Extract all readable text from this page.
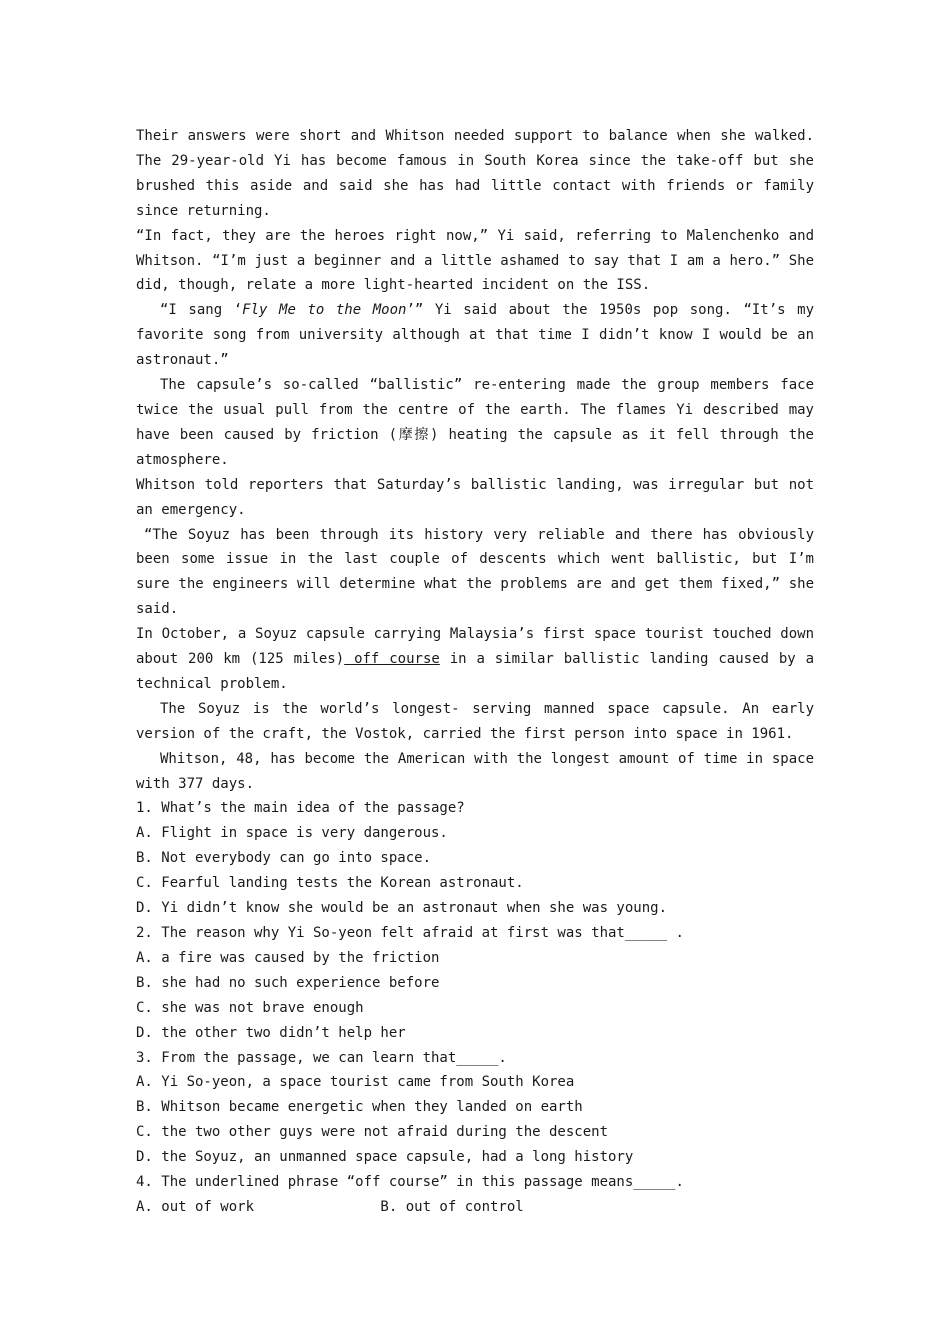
Their answers were short and Whitson needed support to balance when she walked. The 29-year-old Yi has become famous in South Korea since the take-off but she brushed this aside and said she has had little contact with friends or family since returning.

“In fact, they are the heroes right now,” Yi said, referring to Malenchenko and Whitson. “I’m just a beginner and a little ashamed to say that I am a hero.” She did, though, relate a more light-hearted incident on the ISS.

“I sang ‘Fly Me to the Moon’” Yi said about the 1950s pop song. “It’s my favorite song from university although at that time I didn’t know I would be an astronaut.”

The capsule’s so-called “ballistic” re-entering made the group members face twice the usual pull from the centre of the earth. The flames Yi described may have been caused by friction (摩擦) heating the capsule as it fell through the atmosphere.

Whitson told reporters that Saturday’s ballistic landing, was irregular but not an emergency.

“The Soyuz has been through its history very reliable and there has obviously been some issue in the last couple of descents which went ballistic, but I’m sure the engineers will determine what the problems are and get them fixed,” she said.

In October, a Soyuz capsule carrying Malaysia’s first space tourist touched down about 200 km (125 miles) off course in a similar ballistic landing caused by a technical problem.

The Soyuz is the world’s longest- serving manned space capsule. An early version of the craft, the Vostok, carried the first person into space in 1961.

Whitson, 48, has become the American with the longest amount of time in space with 377 days.

1. What’s the main idea of the passage?

A. Flight in space is very dangerous.

B. Not everybody can go into space.

C. Fearful landing tests the Korean astronaut.

D. Yi didn’t know she would be an astronaut when she was young.

2. The reason why Yi So-yeon felt afraid at first was that_____ .

A. a fire was caused by the friction

B. she had no such experience before

C. she was not brave enough

D. the other two didn’t help her

3. From the passage, we can learn that_____.

A. Yi So-yeon, a space tourist came from South Korea

B. Whitson became energetic when they landed on earth

C. the two other guys were not afraid during the descent

D. the Soyuz, an unmanned space capsule, had a long history

4. The underlined phrase “off course” in this passage means_____.

A. out of work               B. out of control
